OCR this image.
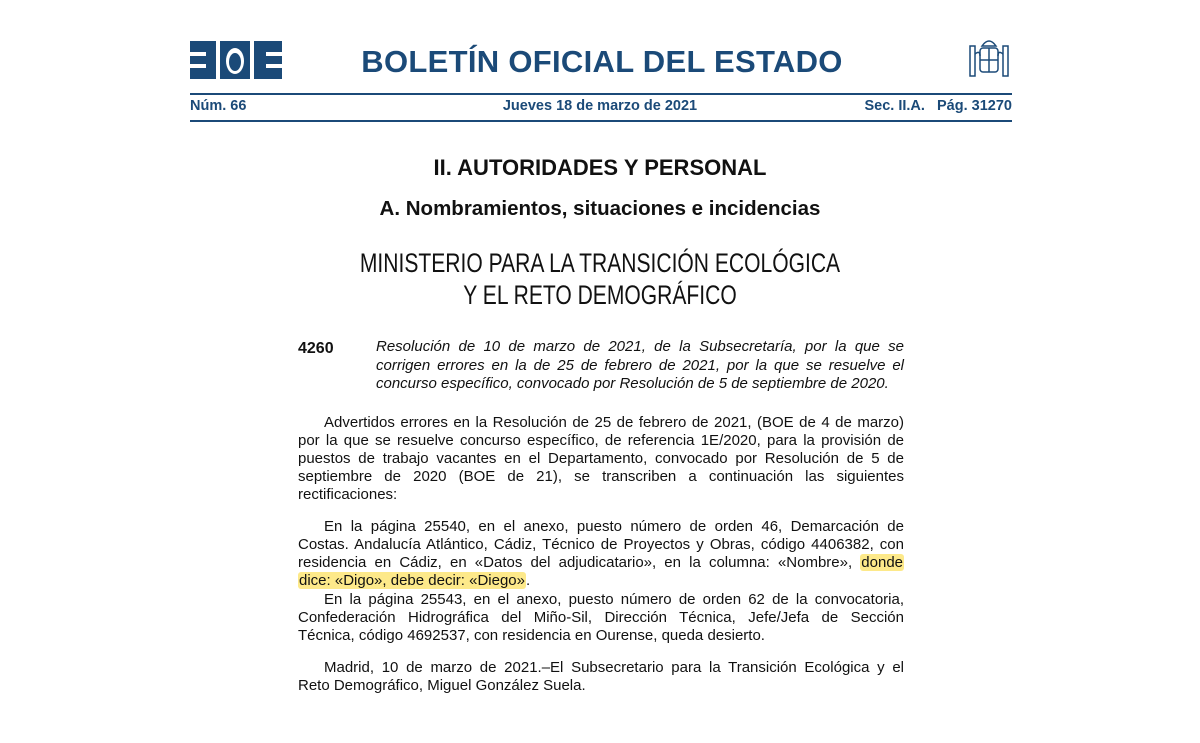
BOLETÍN OFICIAL DEL ESTADO
Núm. 66	Jueves 18 de marzo de 2021	Sec. II.A. Pág. 31270
II. AUTORIDADES Y PERSONAL
A. Nombramientos, situaciones e incidencias
MINISTERIO PARA LA TRANSICIÓN ECOLÓGICA
Y EL RETO DEMOGRÁFICO
4260	Resolución de 10 de marzo de 2021, de la Subsecretaría, por la que se
corrigen errores en la de 25 de febrero de 2021, por la que se resuelve el
concurso específico, convocado por Resolución de 5 de septiembre de 2020.
Advertidos errores en la Resolución de 25 de febrero de 2021, (BOE de 4 de marzo)
por la que se resuelve concurso específico, de referencia 1E/2020, para la provisión de
puestos de trabajo vacantes en el Departamento, convocado por Resolución de 5 de
septiembre de 2020 (BOE de 21), se transcriben a continuación las siguientes
rectificaciones:
En la página 25540, en el anexo, puesto número de orden 46, Demarcación de
Costas. Andalucía Atlántico, Cádiz, Técnico de Proyectos y Obras, código 4406382, con
residencia en Cádiz, en «Datos del adjudicatario», en la columna: «Nombre», donde
dice: «Digo», debe decir: «Diego».
En la página 25543, en el anexo, puesto número de orden 62 de la convocatoria,
Confederación Hidrográfica del Miño-Sil, Dirección Técnica, Jefe/Jefa de Sección
Técnica, código 4692537, con residencia en Ourense, queda desierto.
Madrid, 10 de marzo de 2021.–El Subsecretario para la Transición Ecológica y el
Reto Demográfico, Miguel González Suela.
